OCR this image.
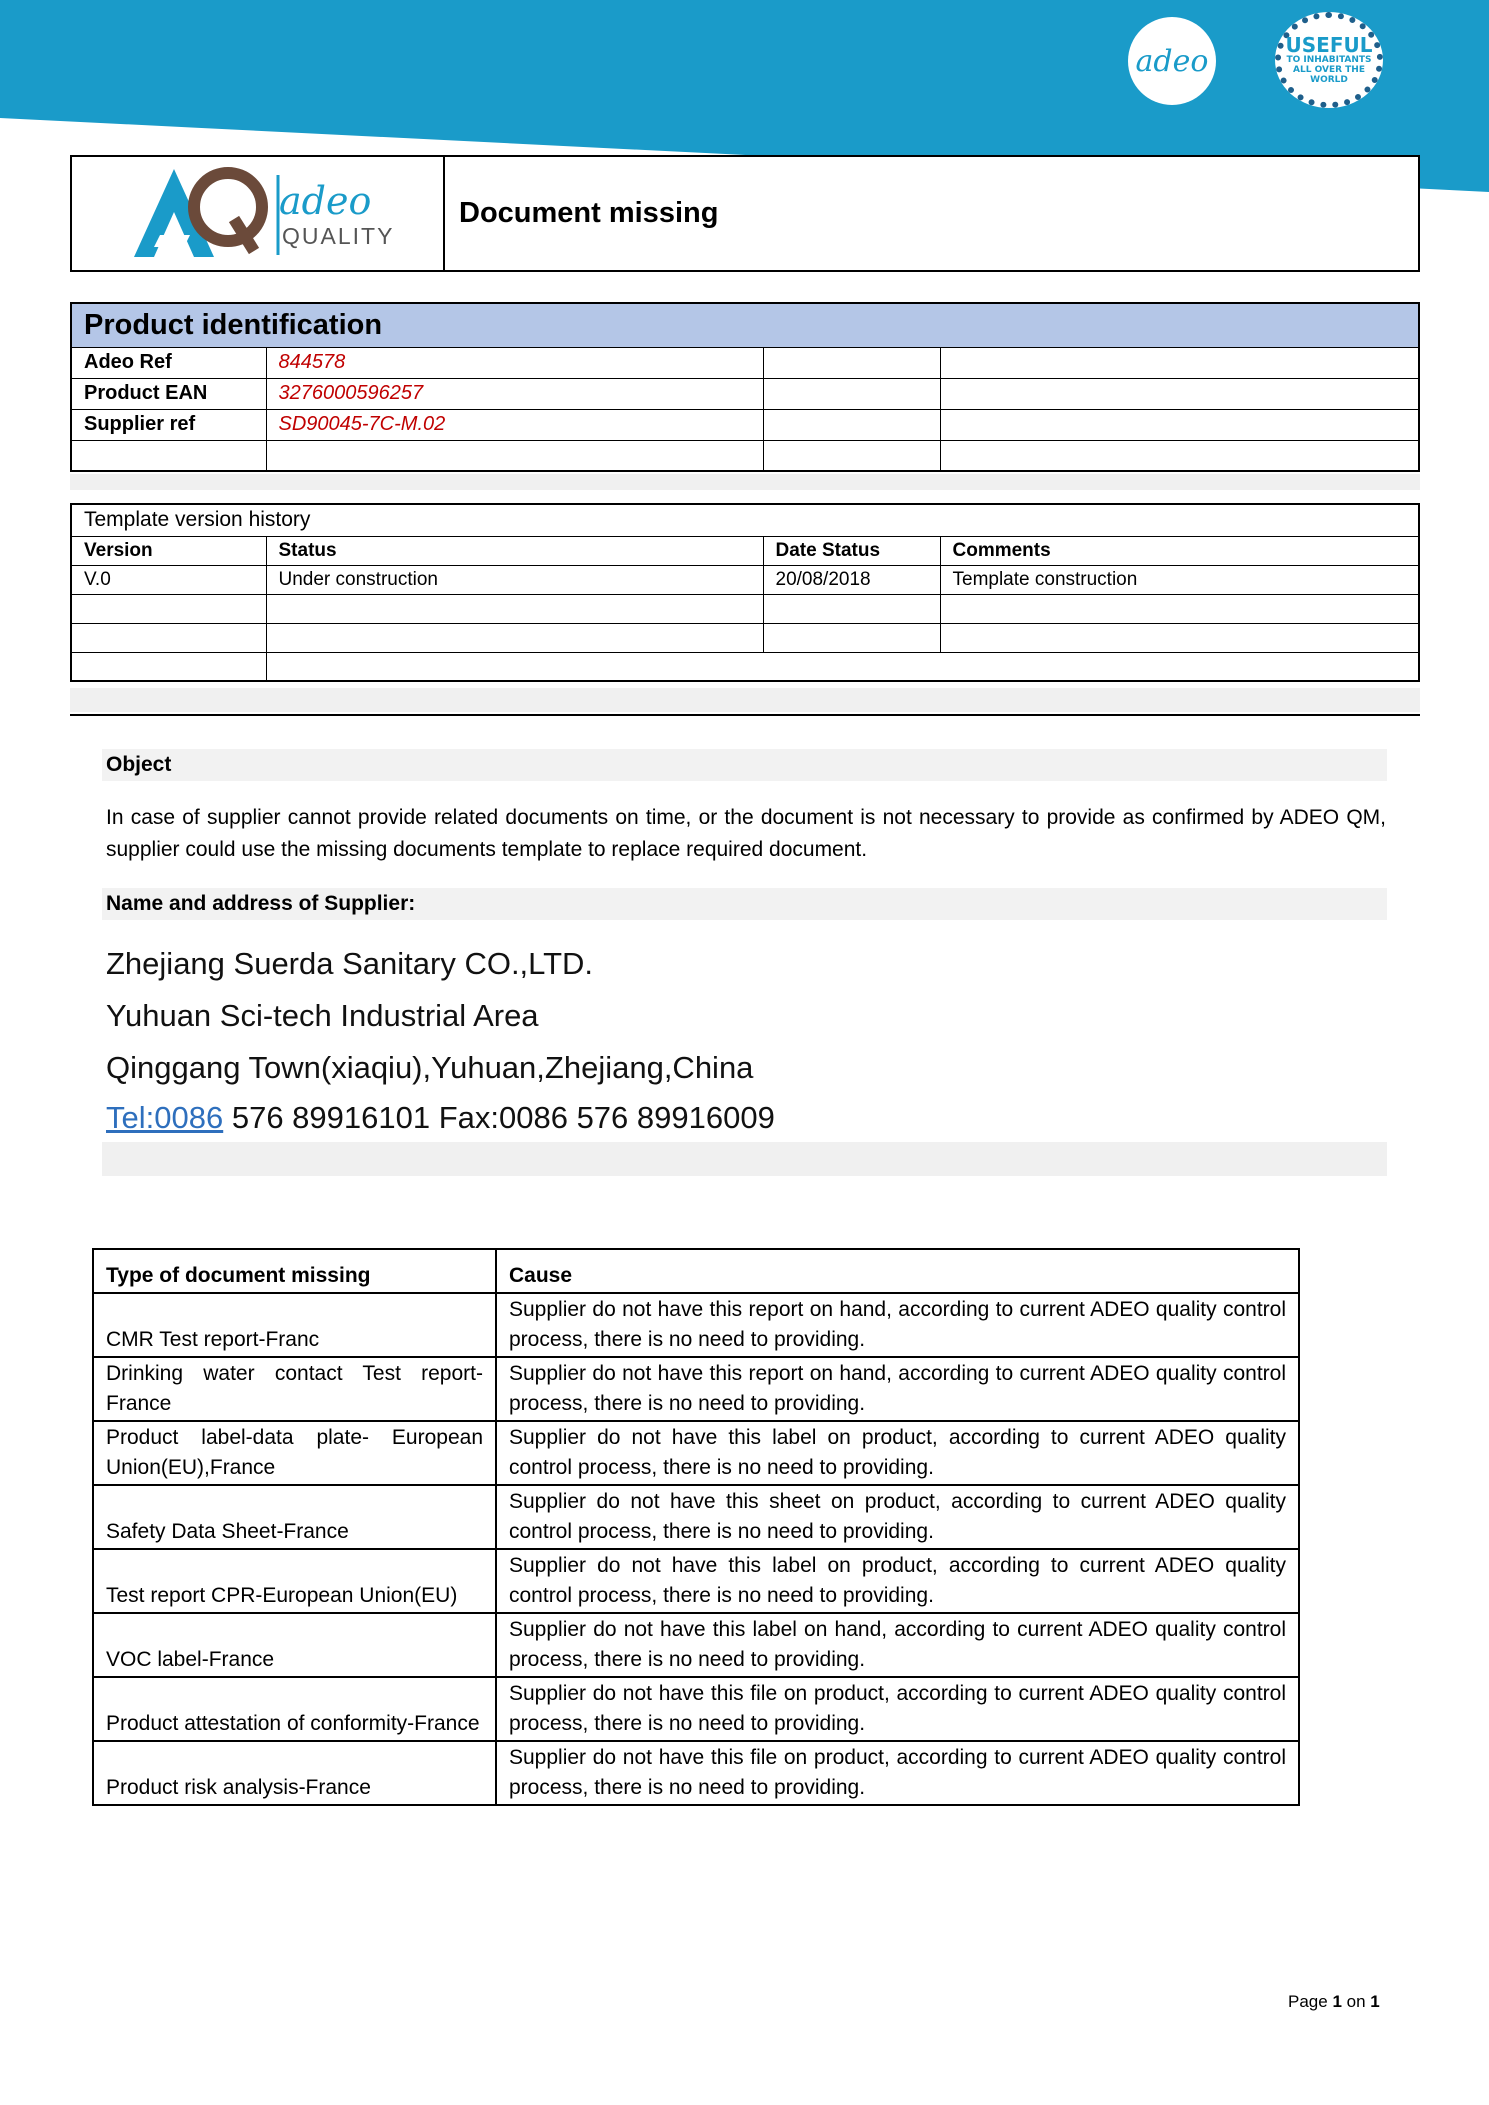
adeo	USEFUL
TO INHABITANTS ALL OVER THE WORLD
adeo
QUALITY
Document missing
Product identification			
Adeo Ref	844578		
Product EAN	3276000596257		
Supplier ref	SD90045-7C-M.02		

Template version history			
Version	Status	Date Status	Comments
V.0	Under construction	20/08/2018	Template construction

Object
In case of supplier cannot provide related documents on time, or the document is not necessary to provide as confirmed by ADEO QM, supplier could use the missing documents template to replace required document.
Name and address of Supplier:
Zhejiang Suerda Sanitary CO.,LTD.
Yuhuan Sci-tech Industrial Area
Qinggang Town(xiaqiu),Yuhuan,Zhejiang,China
Tel:0086 576 89916101 Fax:0086 576 89916009
Type of document missing	Cause
CMR Test report-Franc	Supplier do not have this report on hand, according to current ADEO quality control process, there is no need to providing.
Drinking water contact Test report-France	Supplier do not have this report on hand, according to current ADEO quality control process, there is no need to providing.
Product label-data plate- European Union(EU),France	Supplier do not have this label on product, according to current ADEO quality control process, there is no need to providing.
Safety Data Sheet-France	Supplier do not have this sheet on product, according to current ADEO quality control process, there is no need to providing.
Test report CPR-European Union(EU)	Supplier do not have this label on product, according to current ADEO quality control process, there is no need to providing.
VOC label-France	Supplier do not have this label on hand, according to current ADEO quality control process, there is no need to providing.
Product attestation of conformity-France	Supplier do not have this file on product, according to current ADEO quality control process, there is no need to providing.
Product risk analysis-France	Supplier do not have this file on product, according to current ADEO quality control process, there is no need to providing.
Page 1 on 1
